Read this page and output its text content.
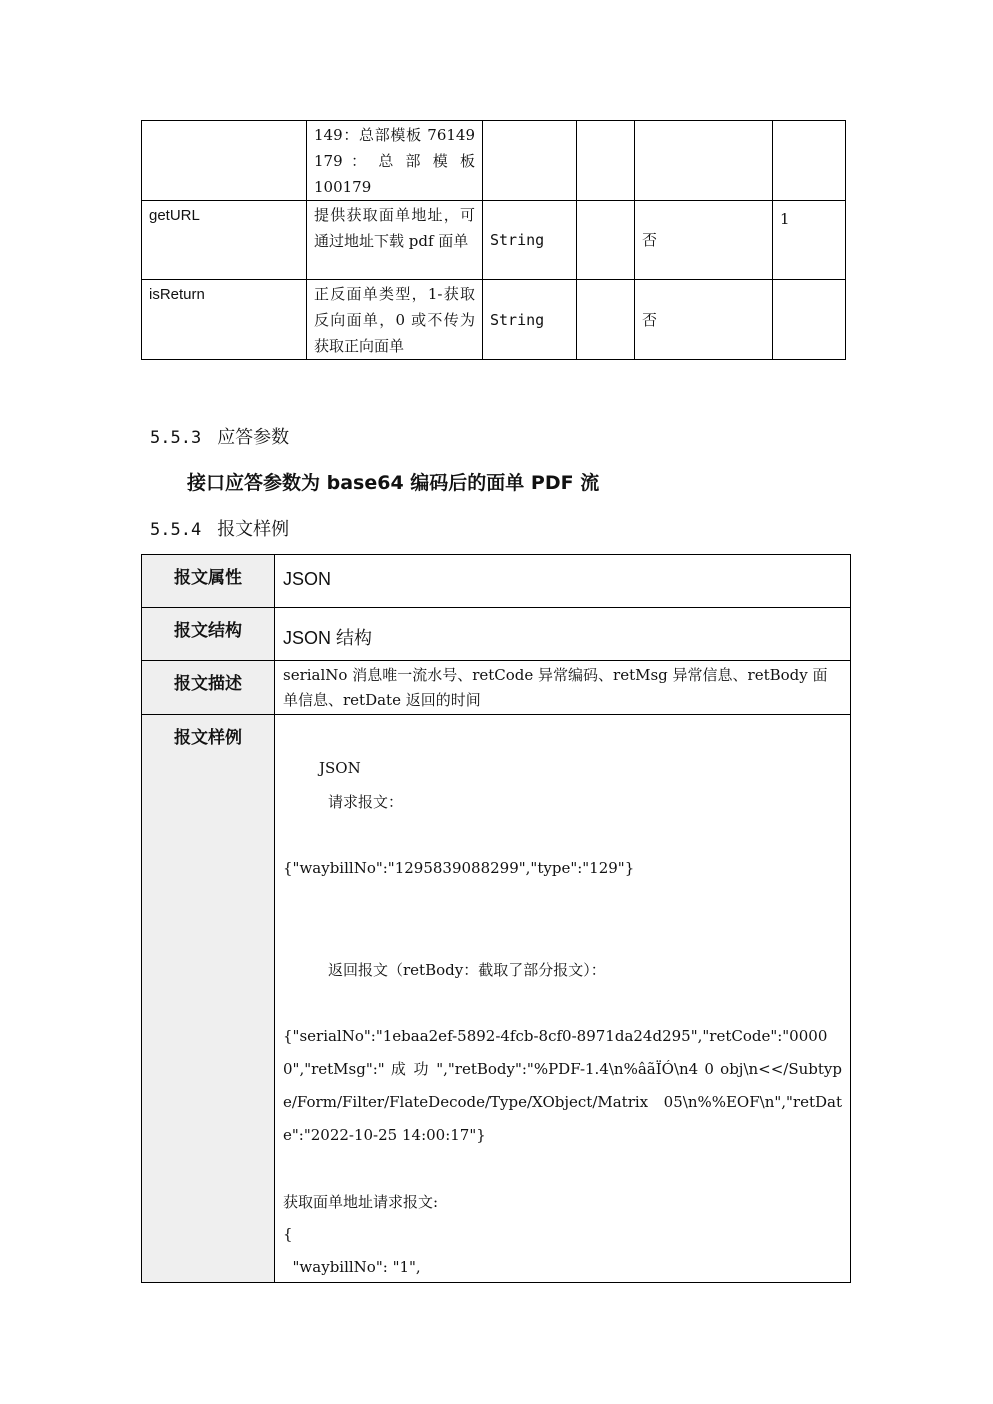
	149：总部模板 76149 179 ： 总 部 模 板 100179				
getURL	提供获取面单地址，可通过地址下载 pdf 面单	String		否	1
isReturn	正反面单类型，1-获取反向面单，0 或不传为获取正向面单	String		否	
5.5.3 应答参数
接口应答参数为 base64 编码后的面单 PDF 流
5.5.4 报文样例
报文属性	JSON
报文结构	JSON 结构
报文描述	serialNo 消息唯一流水号、retCode 异常编码、retMsg 异常信息、retBody 面单信息、retDate 返回的时间
报文样例
JSON
请求报文：
{"waybillNo":"1295839088299","type":"129"}
返回报文（retBody：截取了部分报文）：
{"serialNo":"1ebaa2ef-5892-4fcb-8cf0-8971da24d295","retCode":"00000","retMsg":" 成 功 ","retBody":"%PDF-1.4\n%âãÏÓ\n4 0 obj\n<</Subtype/Form/Filter/FlateDecode/Type/XObject/Matrix 05\n%%EOF\n","retDate":"2022-10-25 14:00:17"}
获取面单地址请求报文:
{
"waybillNo": "1",
